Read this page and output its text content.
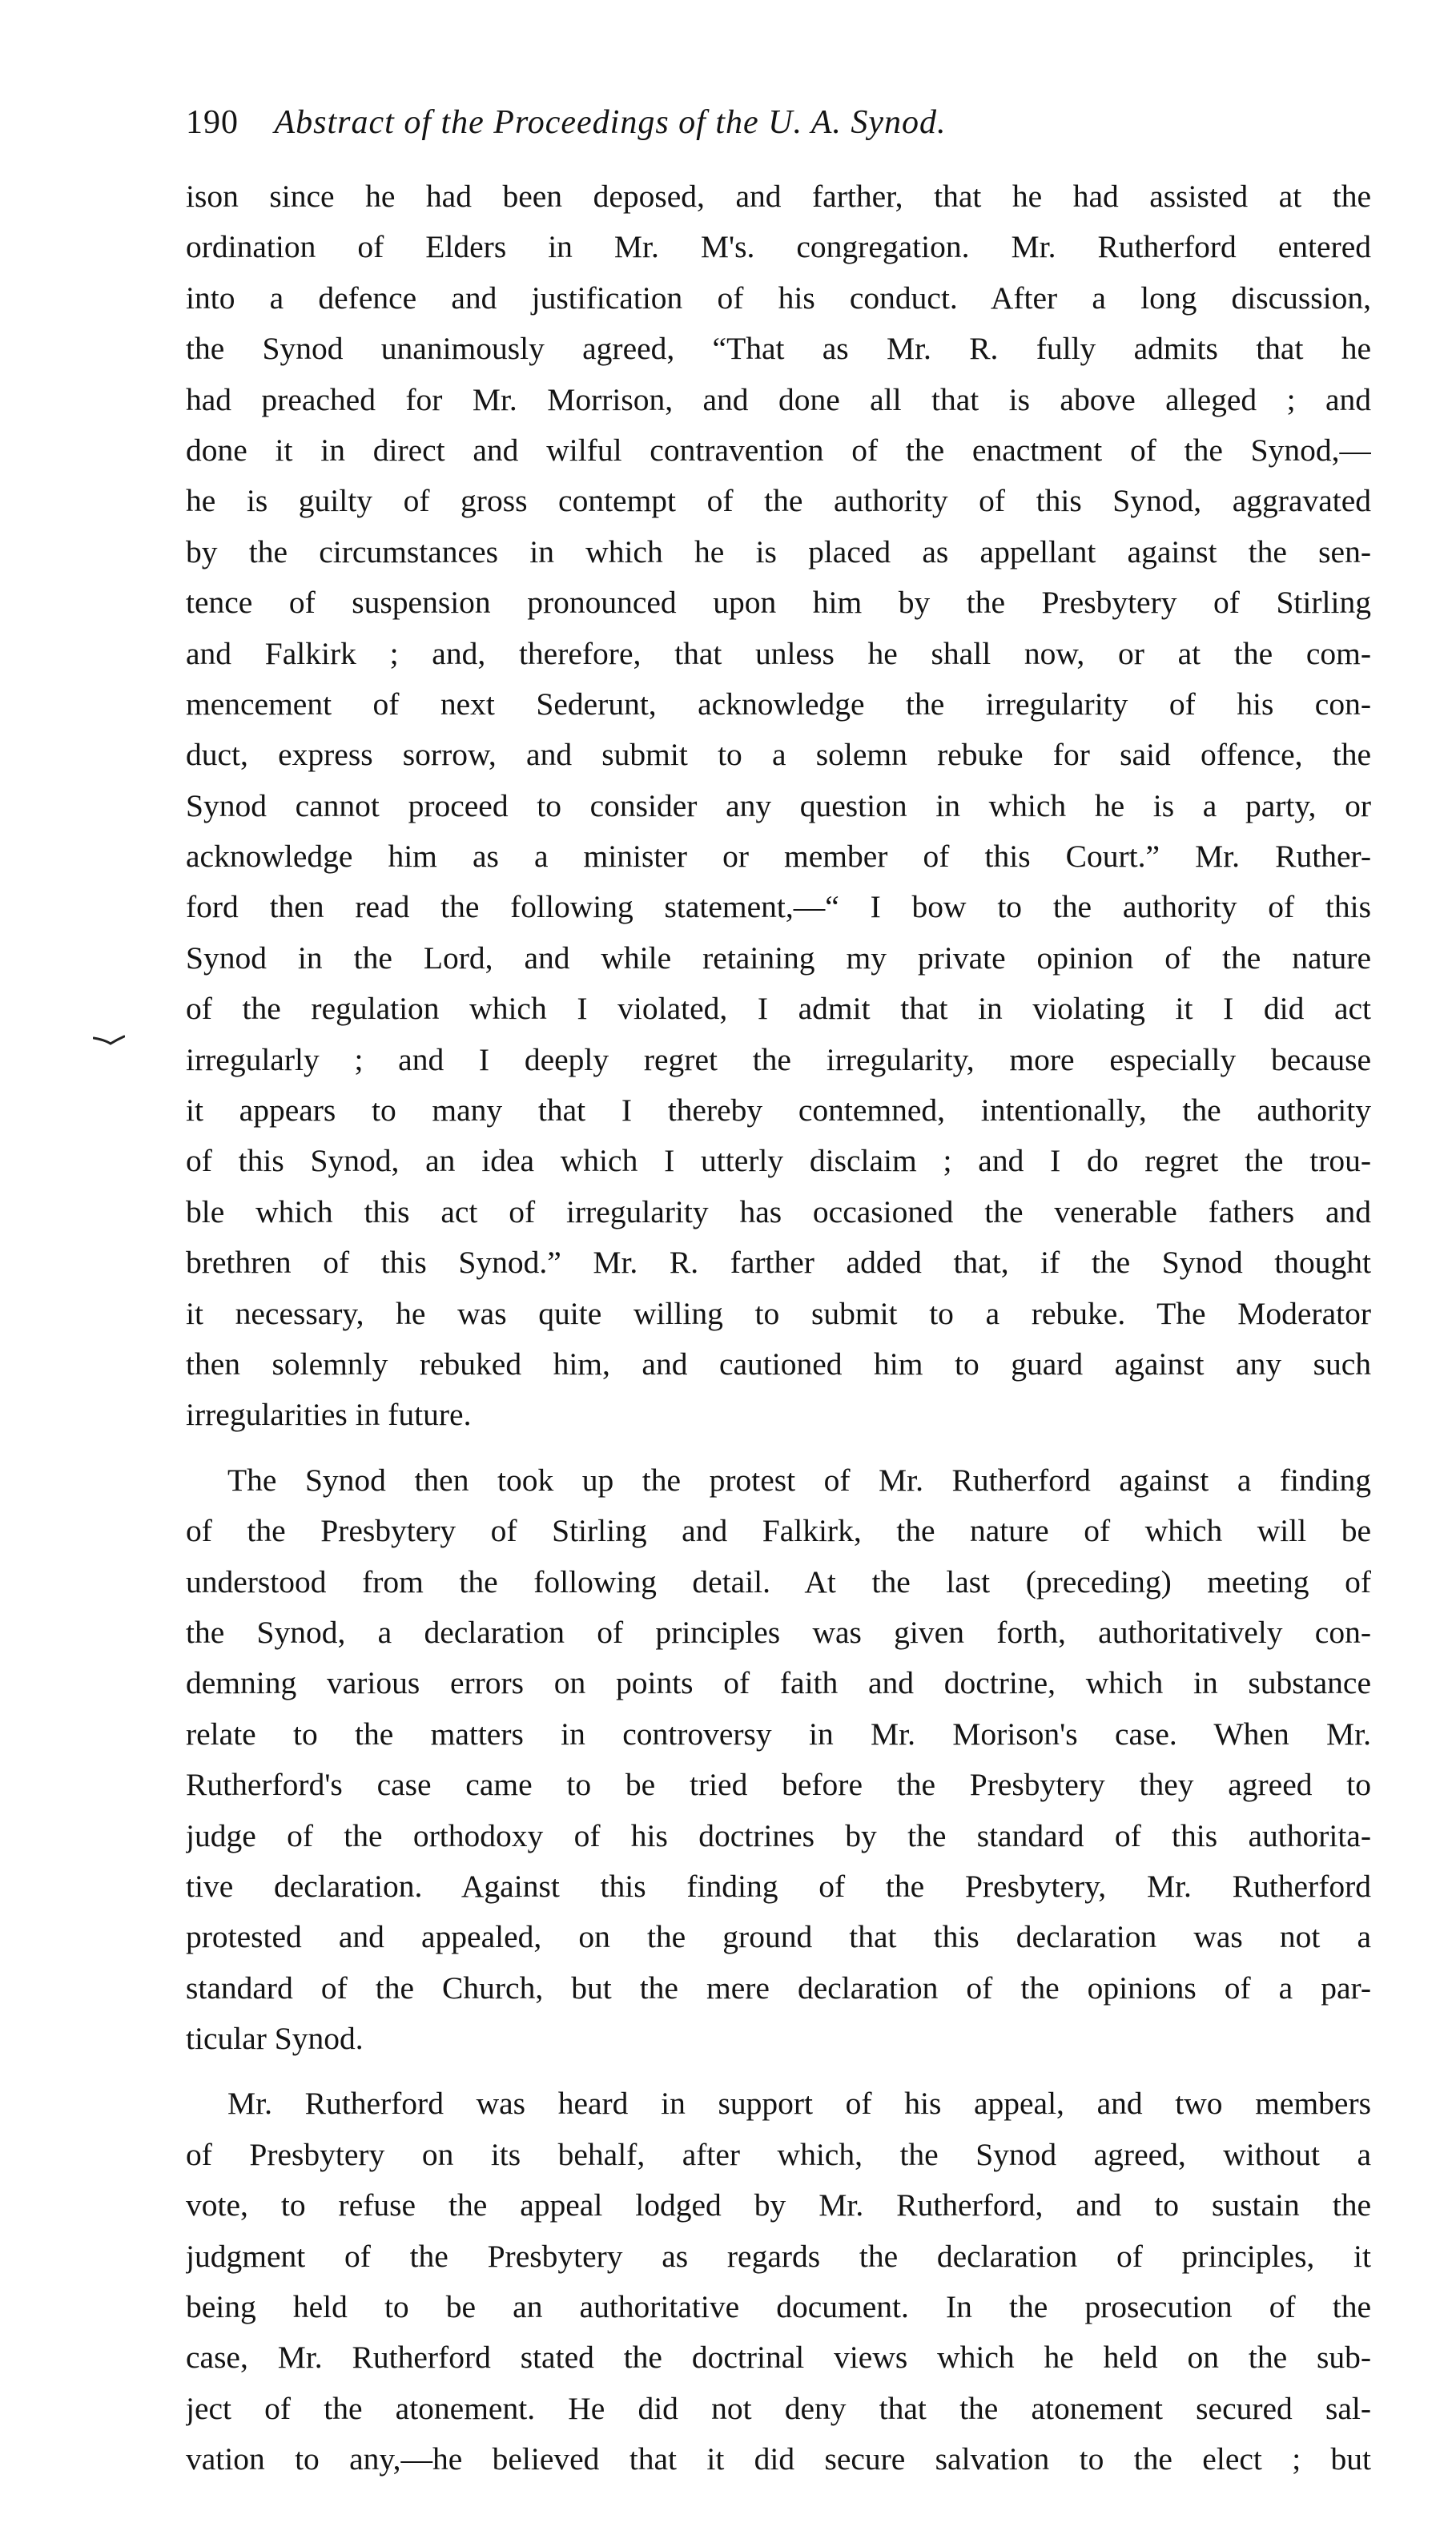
190 Abstract of the Proceedings of the U. A. Synod.

ison since he had been deposed, and farther, that he had assisted at the
ordination of Elders in Mr. M's. congregation. Mr. Rutherford entered
into a defence and justification of his conduct. After a long discussion,
the Synod unanimously agreed, “That as Mr. R. fully admits that he
had preached for Mr. Morrison, and done all that is above alleged ; and
done it in direct and wilful contravention of the enactment of the Synod,—
he is guilty of gross contempt of the authority of this Synod, aggravated
by the circumstances in which he is placed as appellant against the sen-
tence of suspension pronounced upon him by the Presbytery of Stirling
and Falkirk ; and, therefore, that unless he shall now, or at the com-
mencement of next Sederunt, acknowledge the irregularity of his con-
duct, express sorrow, and submit to a solemn rebuke for said offence, the
Synod cannot proceed to consider any question in which he is a party, or
acknowledge him as a minister or member of this Court.” Mr. Ruther-
ford then read the following statement,—“ I bow to the authority of this
Synod in the Lord, and while retaining my private opinion of the nature
of the regulation which I violated, I admit that in violating it I did act
irregularly ; and I deeply regret the irregularity, more especially because
it appears to many that I thereby contemned, intentionally, the authority
of this Synod, an idea which I utterly disclaim ; and I do regret the trou-
ble which this act of irregularity has occasioned the venerable fathers and
brethren of this Synod.” Mr. R. farther added that, if the Synod thought
it necessary, he was quite willing to submit to a rebuke. The Moderator
then solemnly rebuked him, and cautioned him to guard against any such
irregularities in future.

The Synod then took up the protest of Mr. Rutherford against a finding
of the Presbytery of Stirling and Falkirk, the nature of which will be
understood from the following detail. At the last (preceding) meeting of
the Synod, a declaration of principles was given forth, authoritatively con-
demning various errors on points of faith and doctrine, which in substance
relate to the matters in controversy in Mr. Morison's case. When Mr.
Rutherford's case came to be tried before the Presbytery they agreed to
judge of the orthodoxy of his doctrines by the standard of this authorita-
tive declaration. Against this finding of the Presbytery, Mr. Rutherford
protested and appealed, on the ground that this declaration was not a
standard of the Church, but the mere declaration of the opinions of a par-
ticular Synod.

Mr. Rutherford was heard in support of his appeal, and two members
of Presbytery on its behalf, after which, the Synod agreed, without a
vote, to refuse the appeal lodged by Mr. Rutherford, and to sustain the
judgment of the Presbytery as regards the declaration of principles, it
being held to be an authoritative document. In the prosecution of the
case, Mr. Rutherford stated the doctrinal views which he held on the sub-
ject of the atonement. He did not deny that the atonement secured sal-
vation to any,—he believed that it did secure salvation to the elect ; but
